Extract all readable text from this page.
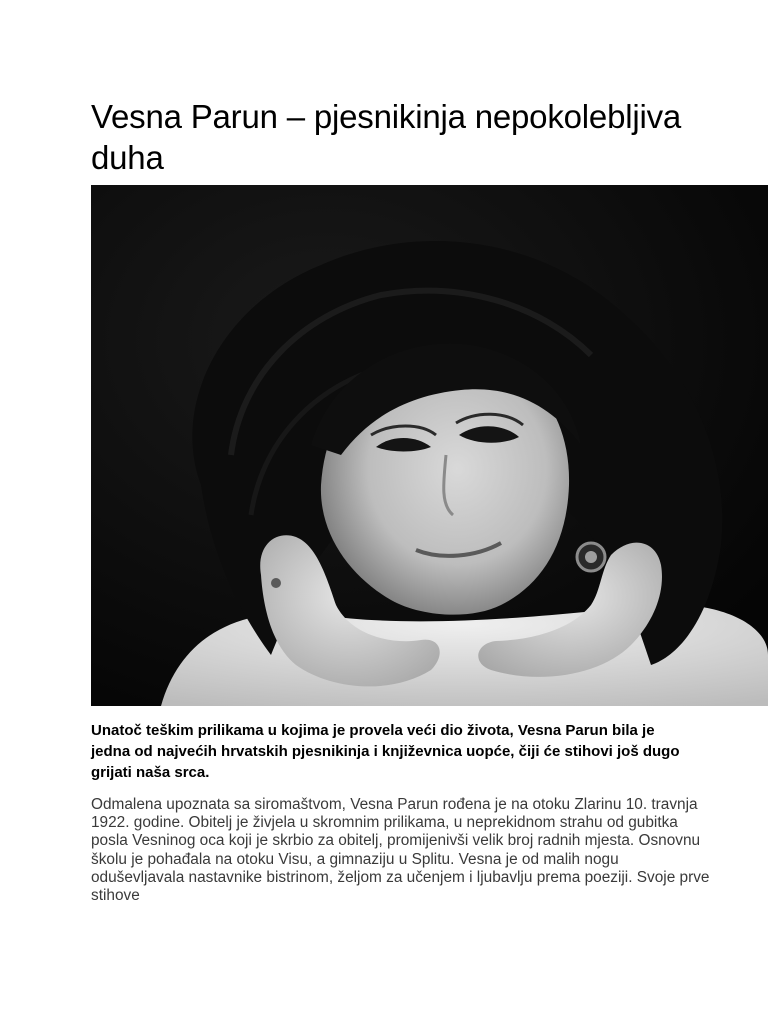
Vesna Parun – pjesnikinja nepokolebljiva duha

Unatoč teškim prilikama u kojima je provela veći dio života, Vesna Parun bila je jedna od najvećih hrvatskih pjesnikinja i književnica uopće, čiji će stihovi još dugo grijati naša srca.

Odmalena upoznata sa siromaštvom, Vesna Parun rođena je na otoku Zlarinu 10. travnja 1922. godine. Obitelj je živjela u skromnim prilikama, u neprekidnom strahu od gubitka posla Vesninog oca koji je skrbio za obitelj, promijenivši velik broj radnih mjesta. Osnovnu školu je pohađala na otoku Visu, a gimnaziju u Splitu. Vesna je od malih nogu oduševljavala nastavnike bistrinom, željom za učenjem i ljubavlju prema poeziji. Svoje prve stihove
